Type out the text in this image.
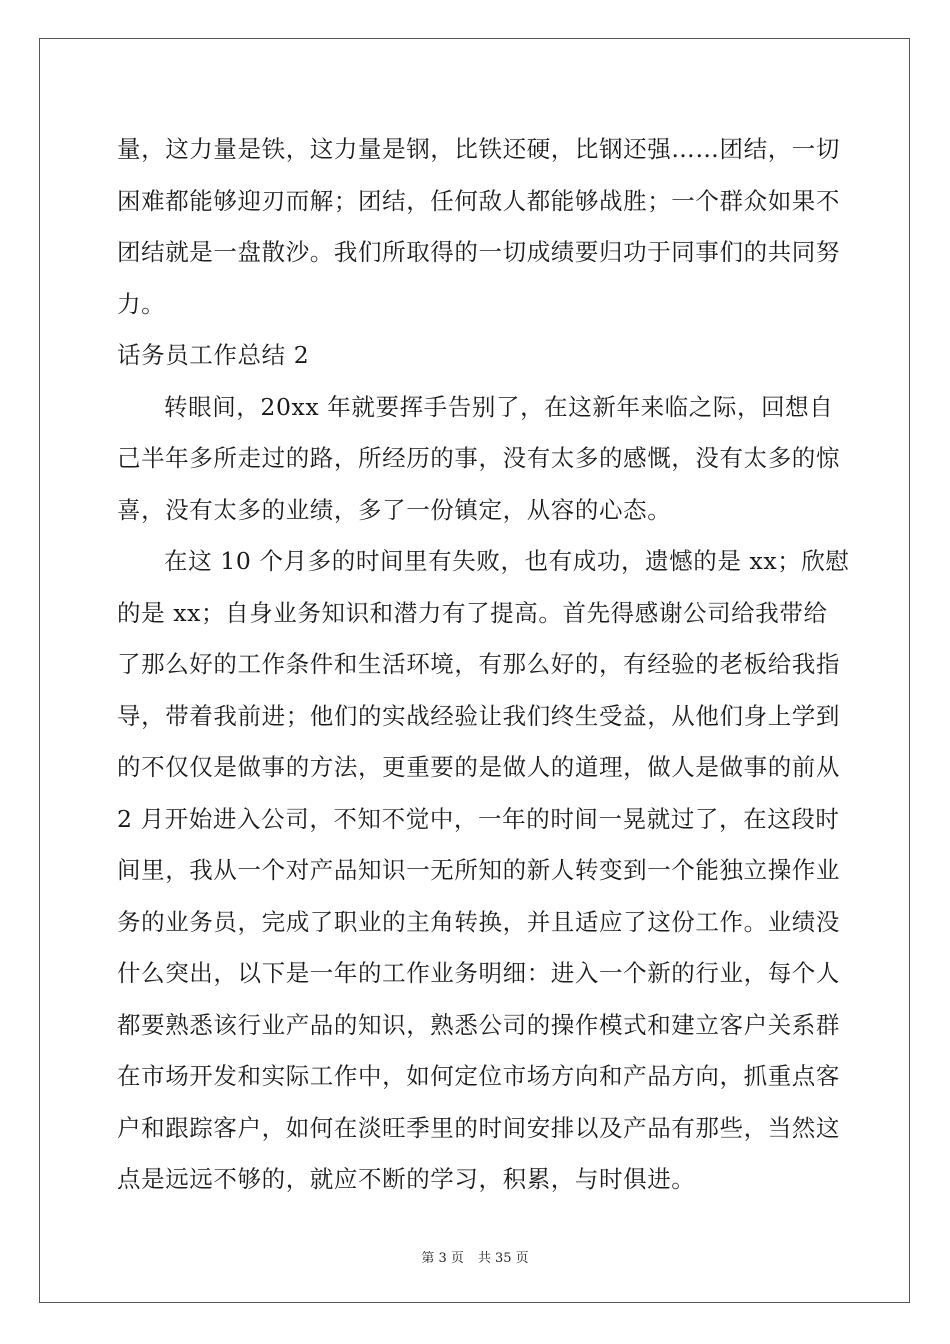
量，这力量是铁，这力量是钢，比铁还硬，比钢还强……团结，一切
困难都能够迎刃而解；团结，任何敌人都能够战胜；一个群众如果不
团结就是一盘散沙。我们所取得的一切成绩要归功于同事们的共同努
力。
话务员工作总结 2
转眼间，20xx 年就要挥手告别了，在这新年来临之际，回想自
己半年多所走过的路，所经历的事，没有太多的感慨，没有太多的惊
喜，没有太多的业绩，多了一份镇定，从容的心态。
在这 10 个月多的时间里有失败，也有成功，遗憾的是 xx；欣慰
的是 xx；自身业务知识和潜力有了提高。首先得感谢公司给我带给
了那么好的工作条件和生活环境，有那么好的，有经验的老板给我指
导，带着我前进；他们的实战经验让我们终生受益，从他们身上学到
的不仅仅是做事的方法，更重要的是做人的道理，做人是做事的前从
2 月开始进入公司，不知不觉中，一年的时间一晃就过了，在这段时
间里，我从一个对产品知识一无所知的新人转变到一个能独立操作业
务的业务员，完成了职业的主角转换，并且适应了这份工作。业绩没
什么突出，以下是一年的工作业务明细：进入一个新的行业，每个人
都要熟悉该行业产品的知识，熟悉公司的操作模式和建立客户关系群
在市场开发和实际工作中，如何定位市场方向和产品方向，抓重点客
户和跟踪客户，如何在淡旺季里的时间安排以及产品有那些，当然这
点是远远不够的，就应不断的学习，积累，与时俱进。
第 3 页 共 35 页
